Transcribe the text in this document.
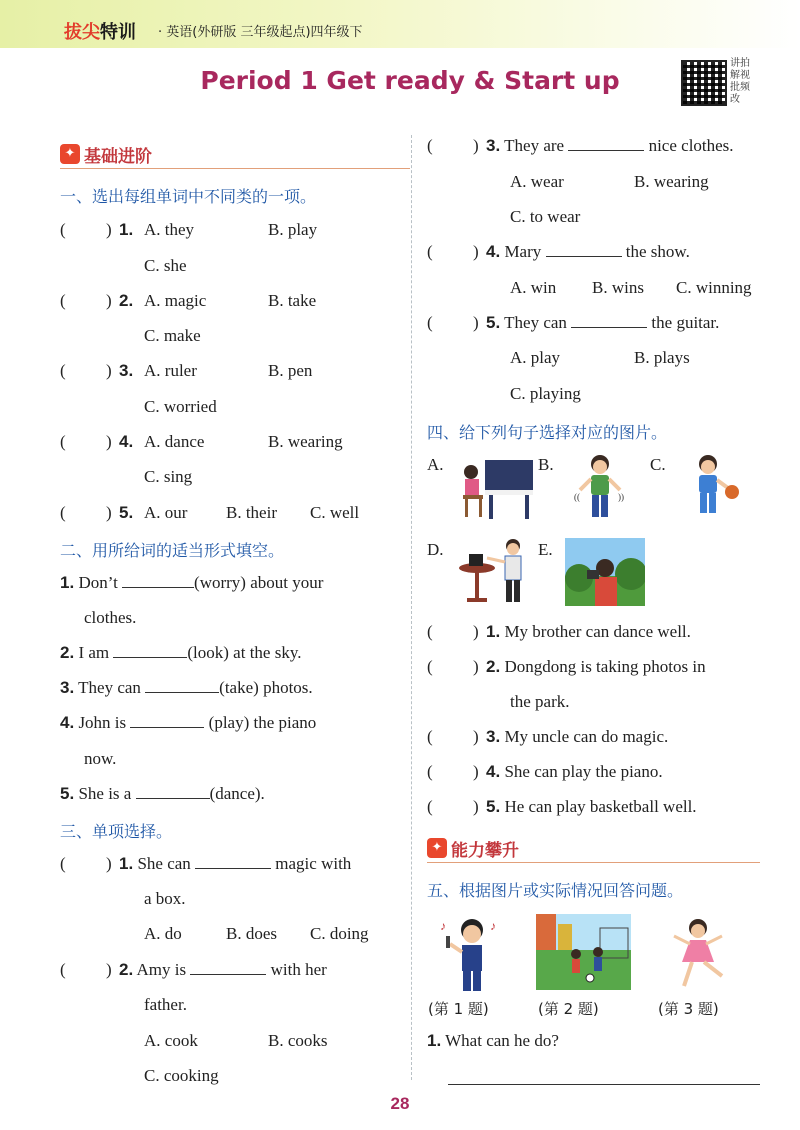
拔尖特训 · 英语(外研版 三年级起点)四年级下
Period 1 Get ready & Start up
讲拍解视批频改
✦ 基础进阶
一、选出每组单词中不同类的一项。
( ) 1. A. they	B. play
C. she
( ) 2. A. magic	B. take
C. make
( ) 3. A. ruler	B. pen
C. worried
( ) 4. A. dance	B. wearing
C. sing
( ) 5. A. our B. their C. well
二、用所给词的适当形式填空。
1. Don’t	(worry) about your
clothes.
2. I am	(look) at the sky.
3. They can	(take) photos.
4. John is	(play) the piano
now.
5. She is a	(dance).
三、单项选择。
( ) 1. She can	magic with
a box.
A. do	B. does C. doing
( ) 2. Amy is	with her
father.
A. cook	B. cooks
C. cooking
( ) 3. They are	nice clothes.
A. wear	B. wearing
C. to wear
( ) 4. Mary	the show.
A. win B. wins C. winning
( ) 5. They can	the guitar.
A. play	B. plays
C. playing
四、给下列句子选择对应的图片。
A.	B.	C.
D.	E.
((	))
( ) 1. My brother can dance well.
( ) 2. Dongdong is taking photos in
the park.
( ) 3. My uncle can do magic.
( ) 4. She can play the piano.
( ) 5. He can play basketball well.
✦ 能力攀升
五、根据图片或实际情况回答问题。
♪
♪
(第 1 题)	(第 2 题)	(第 3 题)
1. What can he do?
28
